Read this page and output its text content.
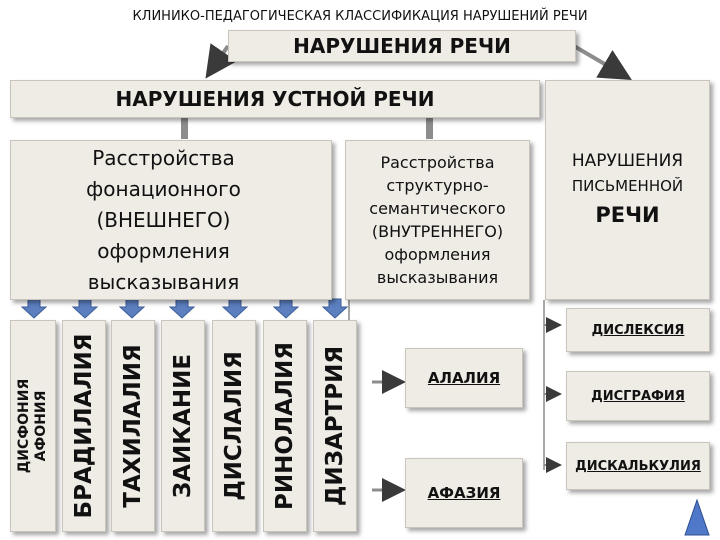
КЛИНИКО-ПЕДАГОГИЧЕСКАЯ КЛАССИФИКАЦИЯ НАРУШЕНИЙ РЕЧИ
НАРУШЕНИЯ РЕЧИ
НАРУШЕНИЯ УСТНОЙ РЕЧИ
Расстройства фонационного (ВНЕШНЕГО) оформления высказывания
Расстройства структурно-семантического (ВНУТРЕННЕГО) оформления высказывания
НАРУШЕНИЯ
ПИСЬМЕННОЙ
РЕЧИ
ДИСФОНИЯ АФОНИЯ БРАДИЛАЛИЯ ТАХИЛАЛИЯ ЗАИКАНИЕ ДИСЛАЛИЯ РИНОЛАЛИЯ ДИЗАРТРИЯ	АЛАЛИЯ
АФАЗИЯ
ДИСЛЕКСИЯ
ДИСГРАФИЯ
ДИСКАЛЬКУЛИЯ
